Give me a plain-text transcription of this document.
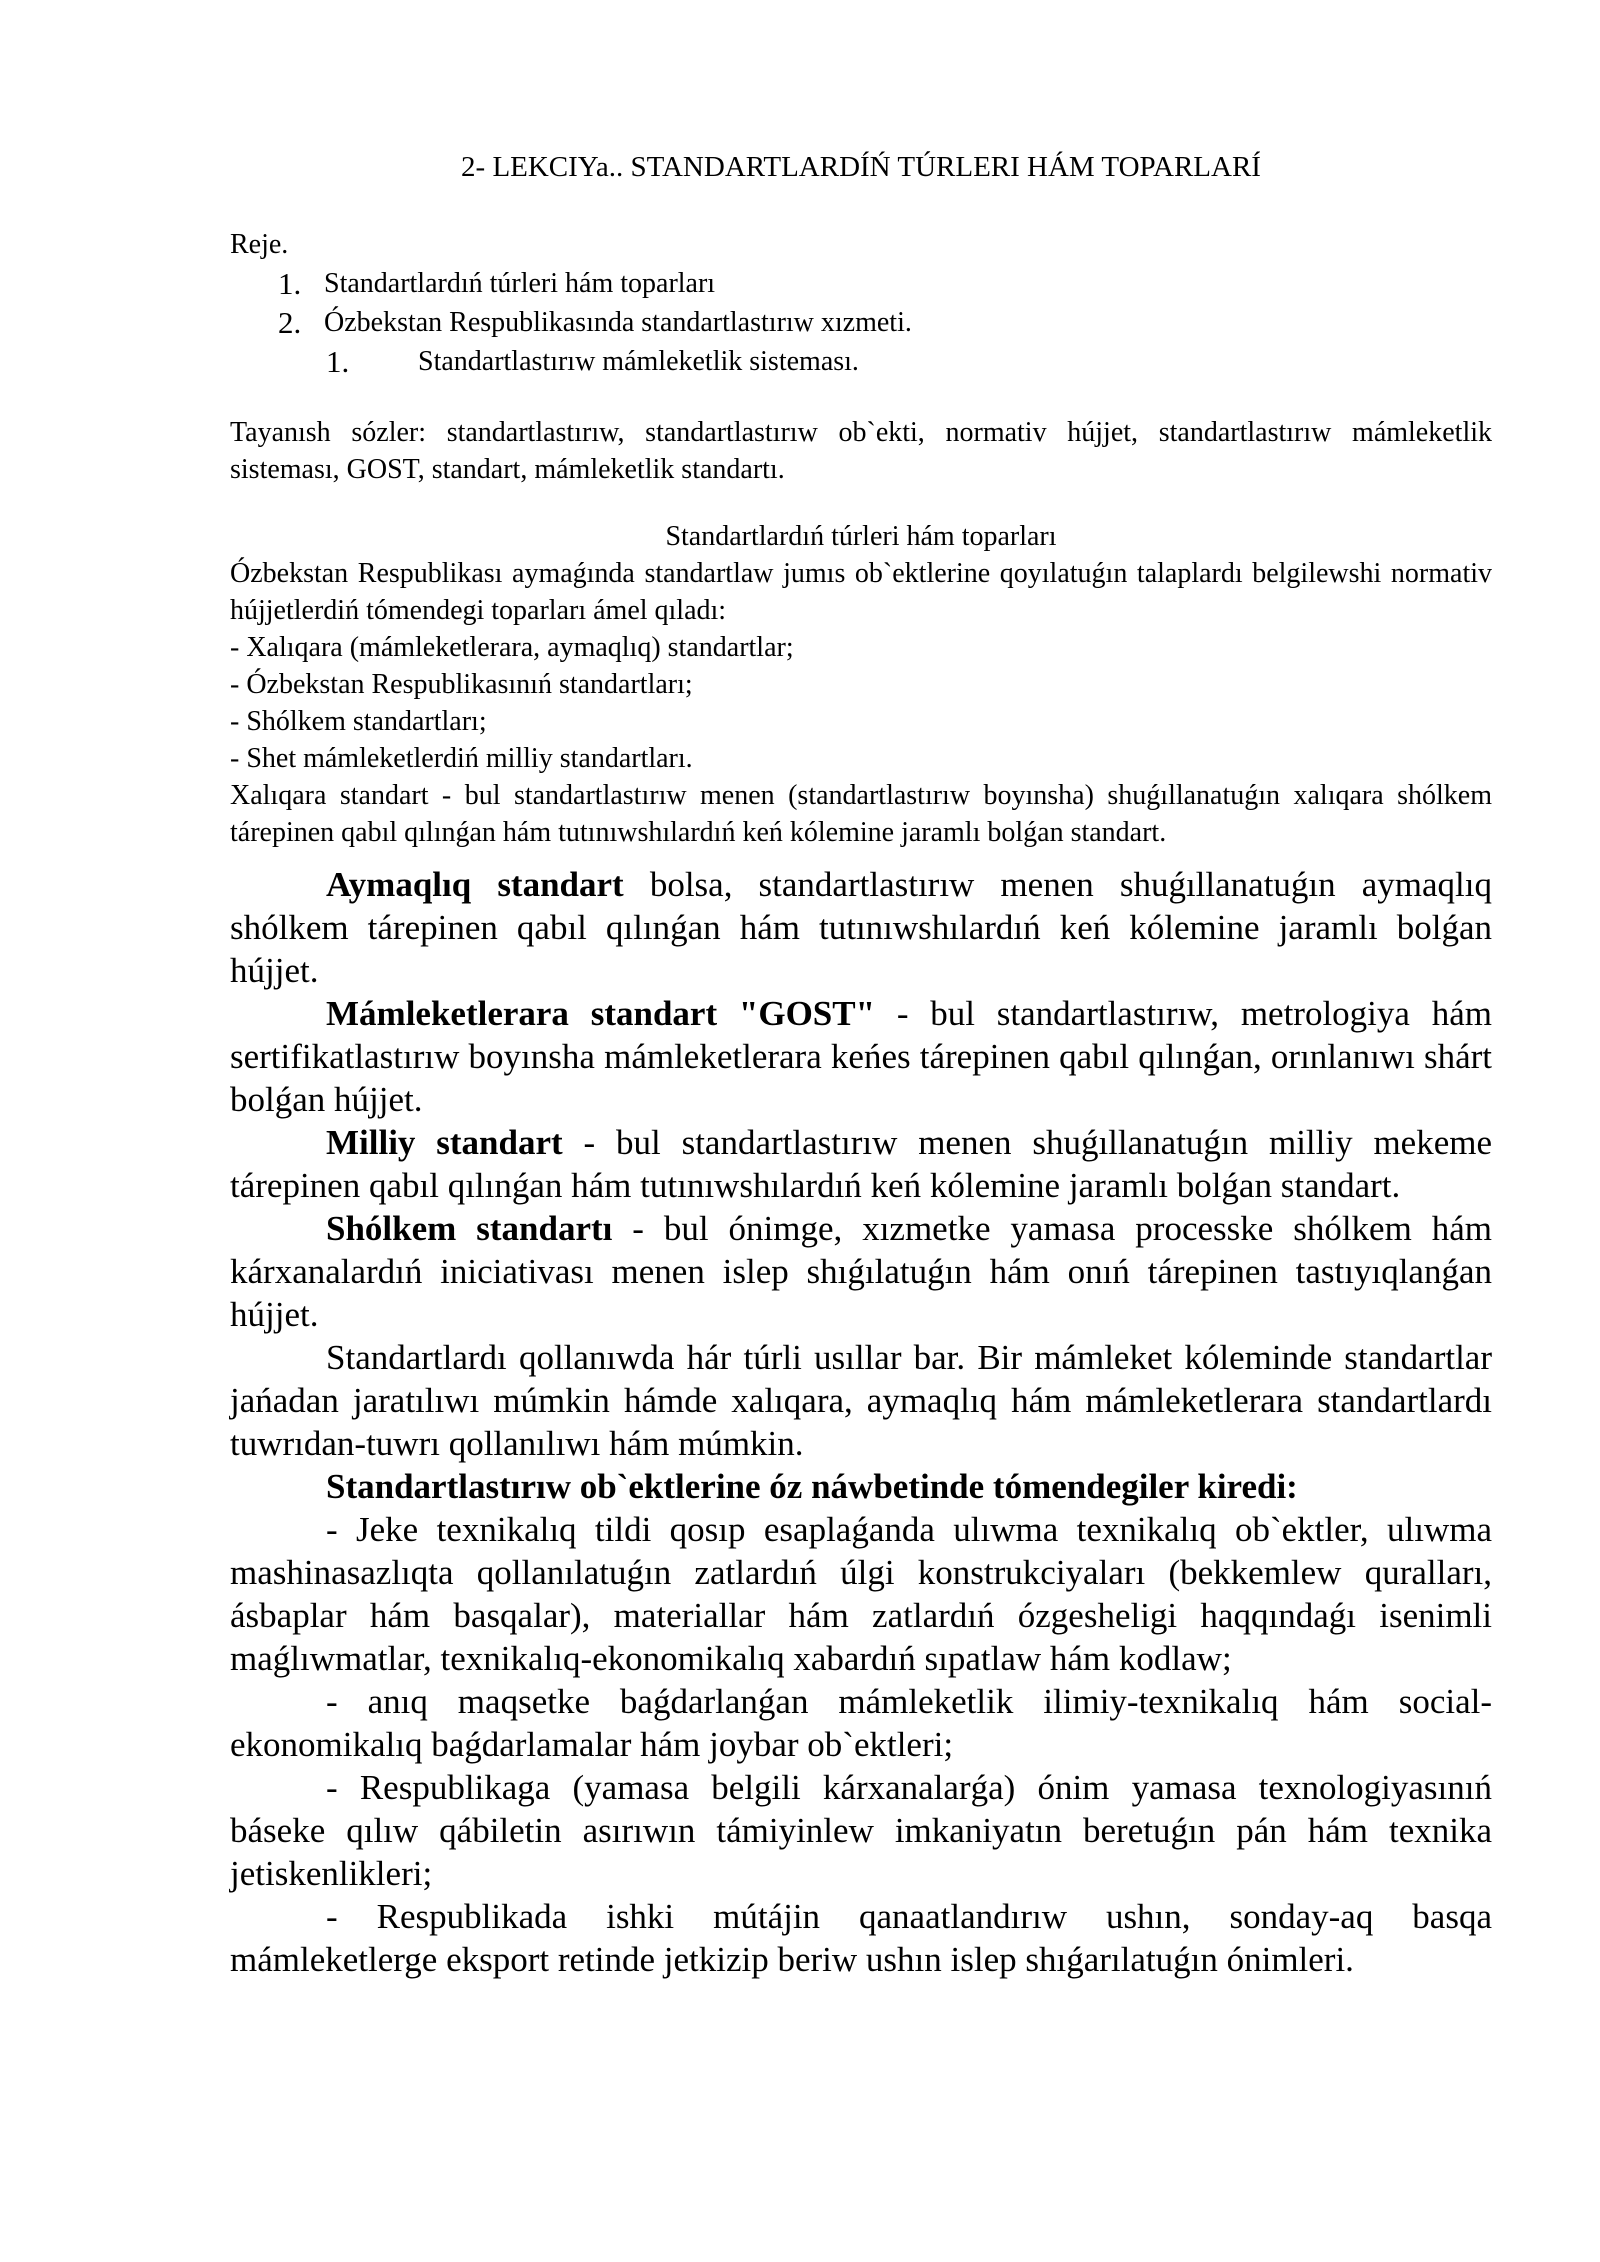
2- LEKCIYa.. STANDARTLARDÍŃ TÚRLERI HÁM TOPARLARÍ

Reje.

1. Standartlardıń túrleri hám toparları
2. Ózbekstan Respublikasında standartlastırıw xızmeti.
1.	Standartlastırıw mámleketlik sisteması.

Tayanısh sózler: standartlastırıw, standartlastırıw ob`ekti, normativ hújjet, standartlastırıw mámleketlik sisteması, GOST, standart, mámleketlik standartı.

Standartlardıń túrleri hám toparları

Ózbekstan Respublikası aymaǵında standartlaw jumıs ob`ektlerine qoyılatuǵın talaplardı belgilewshi normativ hújjetlerdiń tómendegi toparları ámel qıladı:

- Xalıqara (mámleketlerara, aymaqlıq) standartlar;
- Ózbekstan Respublikasınıń standartları;
- Shólkem standartları;
- Shet mámleketlerdiń milliy standartları.

Xalıqara standart - bul standartlastırıw menen (standartlastırıw boyınsha) shuǵıllanatuǵın xalıqara shólkem tárepinen qabıl qılınǵan hám tutınıwshılardıń keń kólemine jaramlı bolǵan standart.

Aymaqlıq standart bolsa, standartlastırıw menen shuǵıllanatuǵın aymaqlıq shólkem tárepinen qabıl qılınǵan hám tutınıwshılardıń keń kólemine jaramlı bolǵan hújjet.

Mámleketlerara standart "GOST" - bul standartlastırıw, metrologiya hám sertifikatlastırıw boyınsha mámleketlerara keńes tárepinen qabıl qılınǵan, orınlanıwı shárt bolǵan hújjet.

Milliy standart - bul standartlastırıw menen shuǵıllanatuǵın milliy mekeme tárepinen qabıl qılınǵan hám tutınıwshılardıń keń kólemine jaramlı bolǵan standart.

Shólkem standartı - bul ónimge, xızmetke yamasa processke shólkem hám kárxanalardıń iniciativası menen islep shıǵılatuǵın hám onıń tárepinen tastıyıqlanǵan hújjet.

Standartlardı qollanıwda hár túrli usıllar bar. Bir mámleket kóleminde standartlar jańadan jaratılıwı múmkin hámde xalıqara, aymaqlıq hám mámleketlerara standartlardı tuwrıdan-tuwrı qollanılıwı hám múmkin.

Standartlastırıw ob`ektlerine óz náwbetinde tómendegiler kiredi:

- Jeke texnikalıq tildi qosıp esaplaǵanda ulıwma texnikalıq ob`ektler, ulıwma mashinasazlıqta qollanılatuǵın zatlardıń úlgi konstrukciyaları (bekkemlew quralları, ásbaplar hám basqalar), materiallar hám zatlardıń ózgesheligi haqqındaǵı isenimli maǵlıwmatlar, texnikalıq-ekonomikalıq xabardıń sıpatlaw hám kodlaw;

- anıq maqsetke baǵdarlanǵan mámleketlik ilimiy-texnikalıq hám social-ekonomikalıq baǵdarlamalar hám joybar ob`ektleri;

- Respublikaga (yamasa belgili kárxanalarǵa) ónim yamasa texnologiyasınıń báseke qılıw qábiletin asırıwın támiyinlew imkaniyatın beretuǵın pán hám texnika jetiskenlikleri;

- Respublikada ishki mútájin qanaatlandırıw ushın, sonday-aq basqa mámleketlerge eksport retinde jetkizip beriw ushın islep shıǵarılatuǵın ónimleri.
